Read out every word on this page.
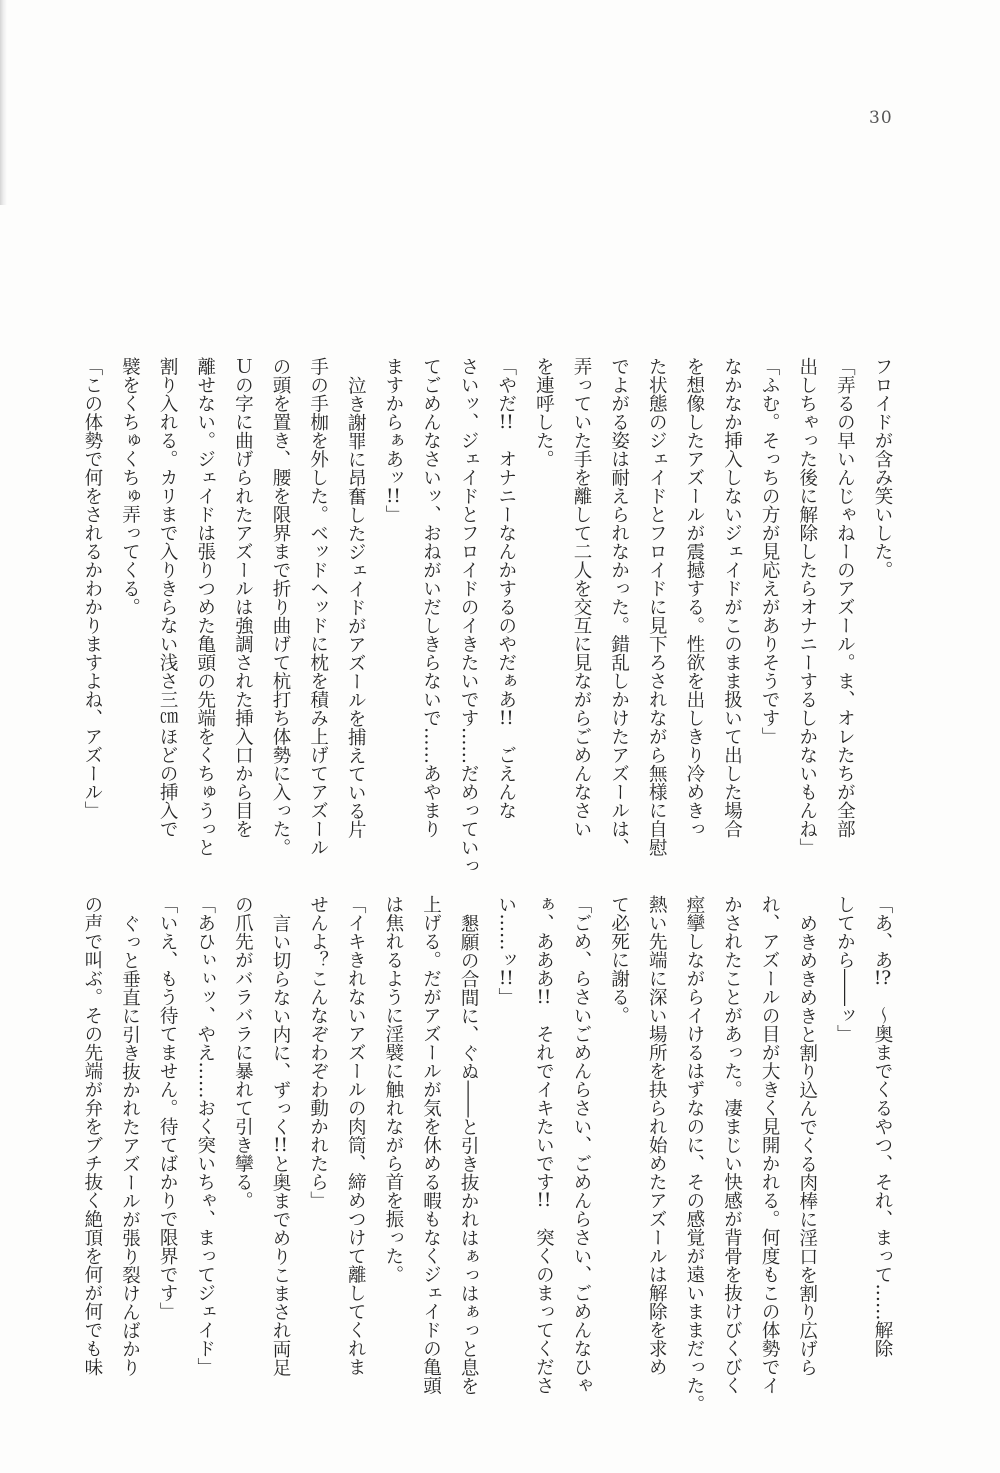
30
フロイドが含み笑いした。
「弄るの早いんじゃねーのアズール。ま、オレたちが全部
出しちゃった後に解除したらオナニーするしかないもんね」
「ふむ。そっちの方が見応えがありそうです」
なかなか挿入しないジェイドがこのまま扱いて出した場合
を想像したアズールが震撼する。性欲を出しきり冷めきっ
た状態のジェイドとフロイドに見下ろされながら無様に自慰
でよがる姿は耐えられなかった。錯乱しかけたアズールは、
弄っていた手を離して二人を交互に見ながらごめんなさい
を連呼した。
「やだ!!　オナニーなんかするのやだぁあ!!　ごえんな
さいッ、ジェイドとフロイドのイきたいです……だめっていっ
てごめんなさいッ、おねがいだしきらないで……あやまり
ますからぁあッ!!」
泣き謝罪に昂奮したジェイドがアズールを捕えている片
手の手枷を外した。ベッドヘッドに枕を積み上げてアズール
の頭を置き、腰を限界まで折り曲げて杭打ち体勢に入った。
Ｕの字に曲げられたアズールは強調された挿入口から目を
離せない。ジェイドは張りつめた亀頭の先端をくちゅうっと
割り入れる。カリまで入りきらない浅さ三㎝ほどの挿入で
襞をくちゅくちゅ弄ってくる。
「この体勢で何をされるかわかりますよね、アズール」
「あ、あ!?　～奥までくるやつ、それ、まって……解除
してから――ッ」
めきめきめきと割り込んでくる肉棒に淫口を割り広げら
れ、アズールの目が大きく見開かれる。何度もこの体勢でイ
かされたことがあった。凄まじい快感が背骨を抜けびくびく
痙攣しながらイけるはずなのに、その感覚が遠いままだった。
熱い先端に深い場所を抉られ始めたアズールは解除を求め
て必死に謝る。
「ごめ、らさいごめんらさい、ごめんらさい、ごめんなひゃ
ぁ、あああ!!　それでイキたいです!!　突くのまってくださ
い……ッ!!」
懇願の合間に、ぐぬ――と引き抜かれはぁっはぁっと息を
上げる。だがアズールが気を休める暇もなくジェイドの亀頭
は焦れるように淫襞に触れながら首を振った。
「イキきれないアズールの肉筒、締めつけて離してくれま
せんよ？こんなぞわぞわ動かれたら」
言い切らない内に、ずっく!!と奥までめりこまされ両足
の爪先がバラバラに暴れて引き攣る。
「あひぃぃッ、やえ……おく突いちゃ、まってジェイド」
「いえ、もう待てません。待てばかりで限界です」
ぐっと垂直に引き抜かれたアズールが張り裂けんばかり
の声で叫ぶ。その先端が弁をブチ抜く絶頂を何が何でも味
